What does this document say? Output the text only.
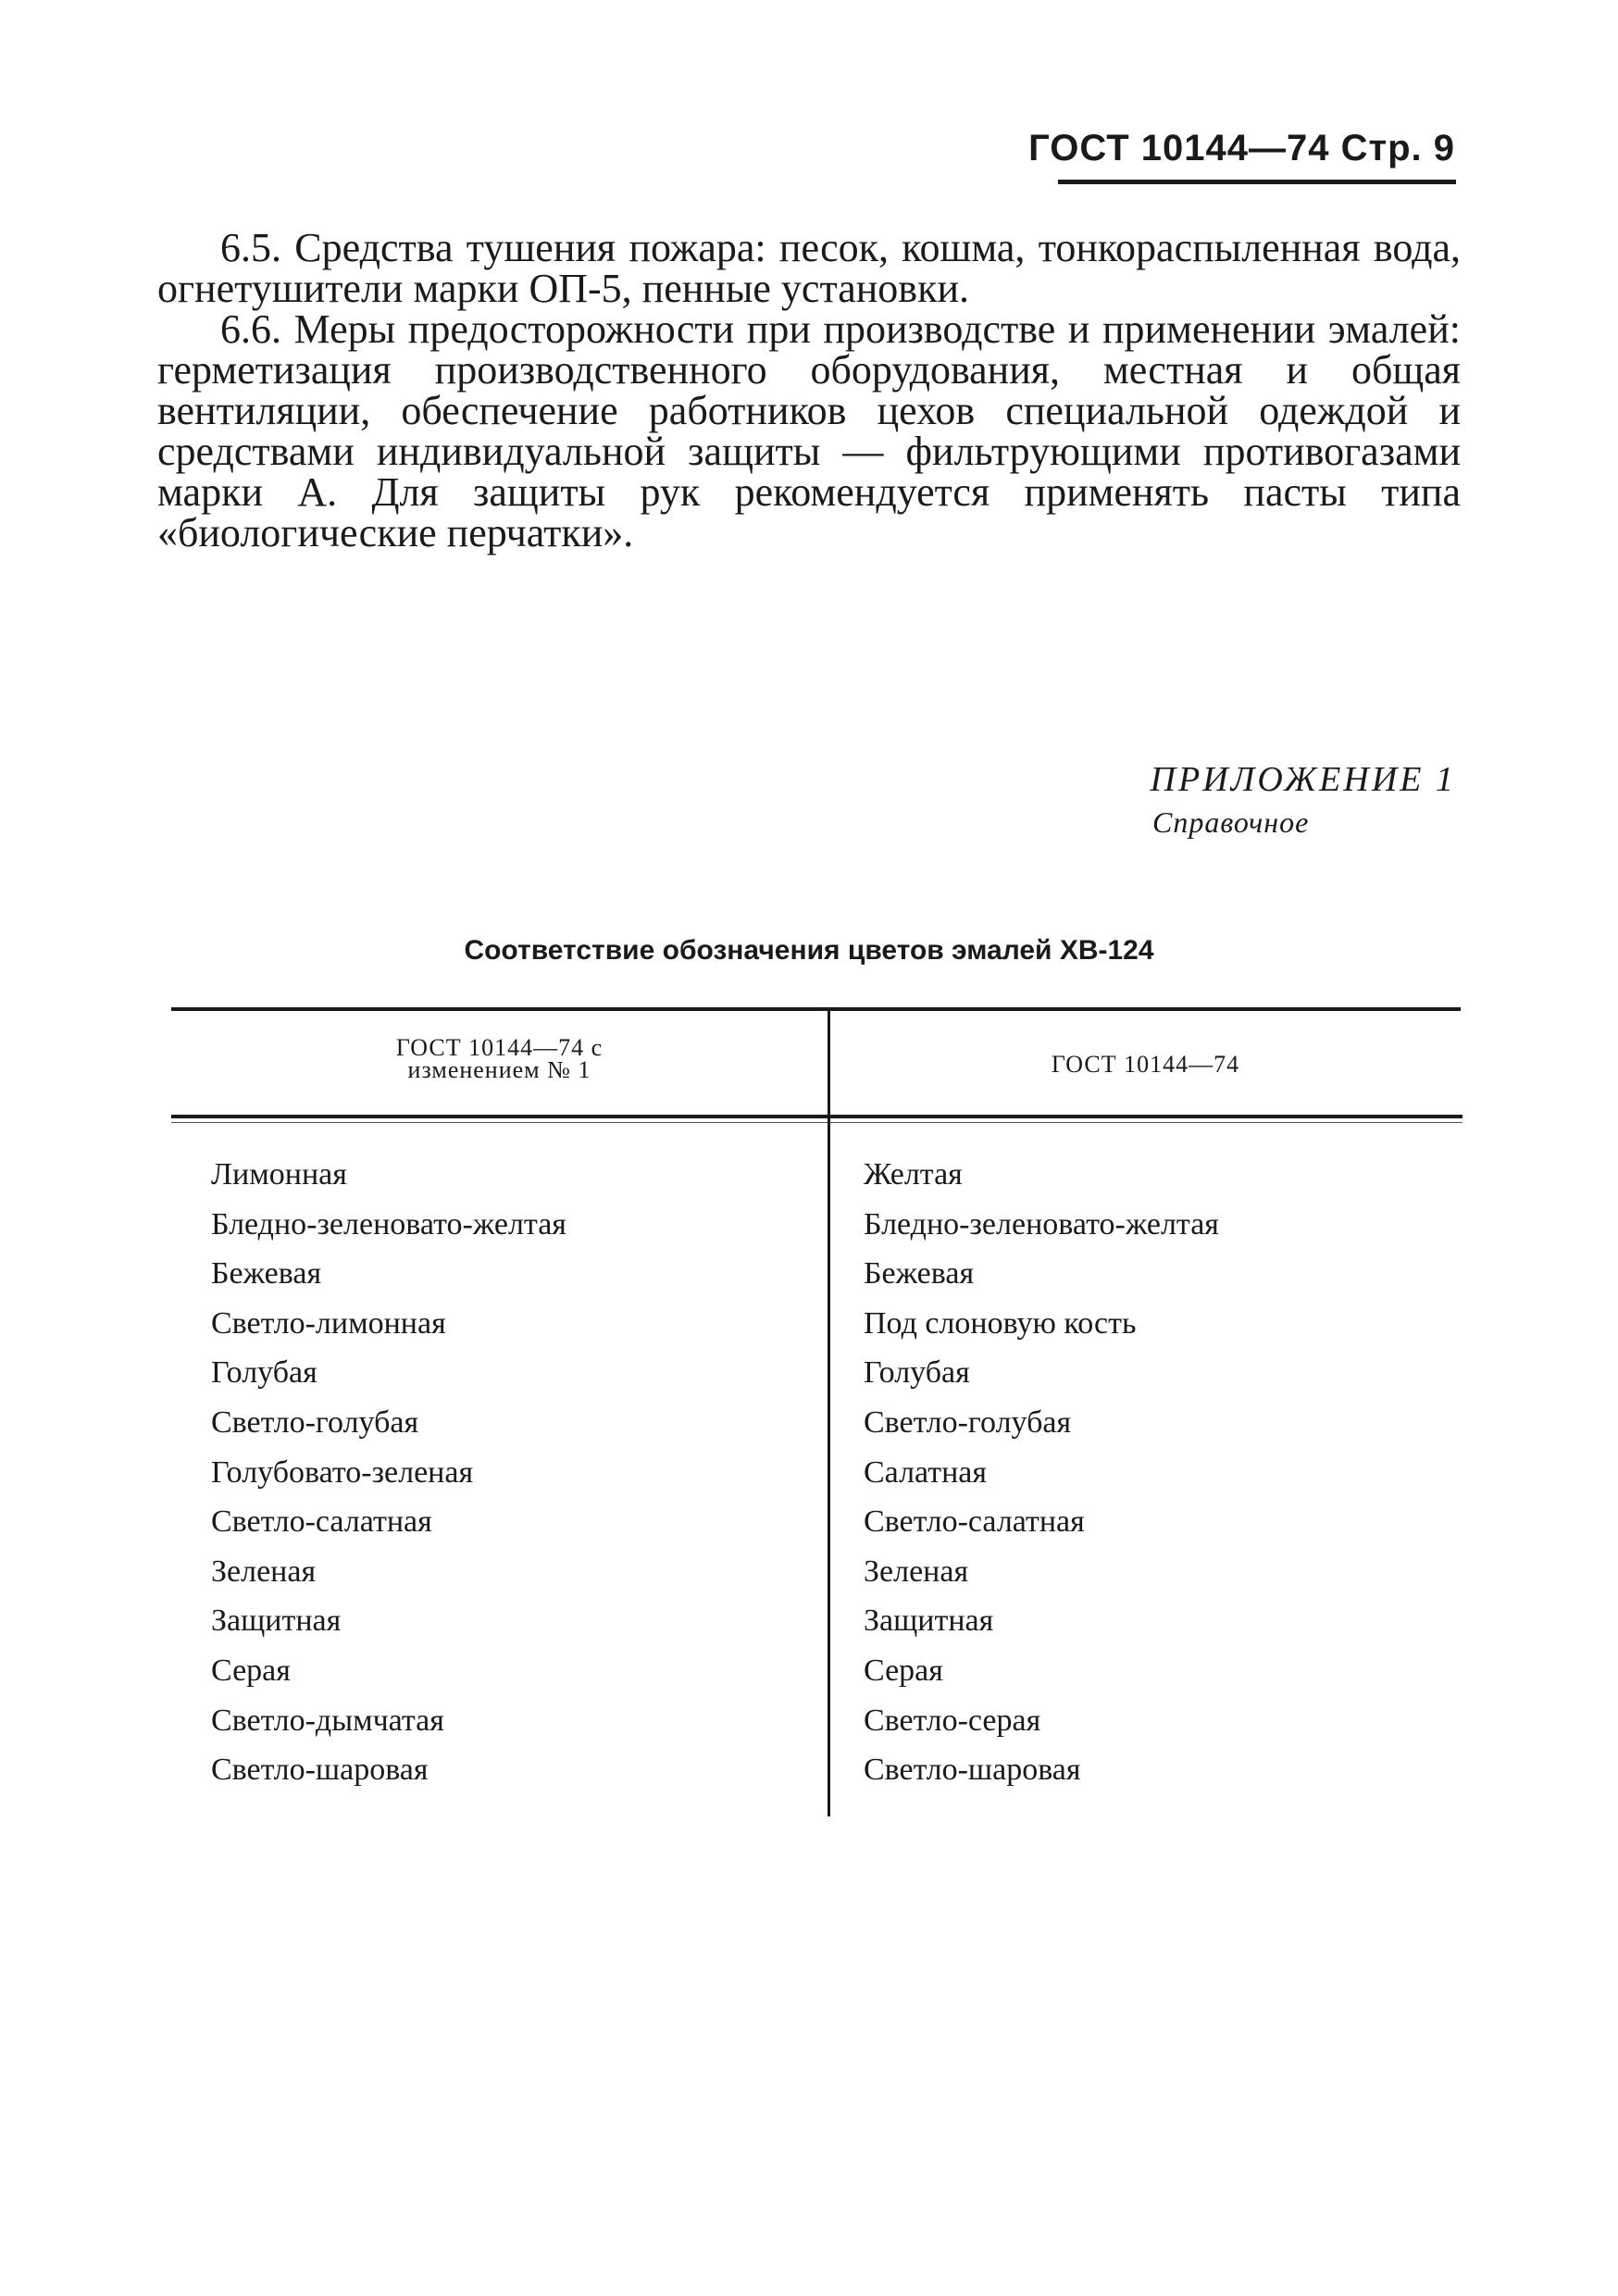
ГОСТ 10144—74 Стр. 9

6.5. Средства тушения пожара: песок, кошма, тонкораспыленная вода, огнетушители марки ОП-5, пенные установки.

6.6. Меры предосторожности при производстве и применении эмалей: герметизация производственного оборудования, местная и общая вентиляции, обеспечение работников цехов специальной одеждой и средствами индивидуальной защиты — фильтрующими противогазами марки А. Для защиты рук рекомендуется применять пасты типа «биологические перчатки».

ПРИЛОЖЕНИЕ 1
Справочное
Соответствие обозначения цветов эмалей ХВ-124
ГОСТ 10144—74 с
изменением № 1	ГОСТ 10144—74
Лимонная
Бледно-зеленовато-желтая
Бежевая
Светло-лимонная
Голубая
Светло-голубая
Голубовато-зеленая
Светло-салатная
Зеленая
Защитная
Серая
Светло-дымчатая
Светло-шаровая
Желтая
Бледно-зеленовато-желтая
Бежевая
Под слоновую кость
Голубая
Светло-голубая
Салатная
Светло-салатная
Зеленая
Защитная
Серая
Светло-серая
Светло-шаровая
